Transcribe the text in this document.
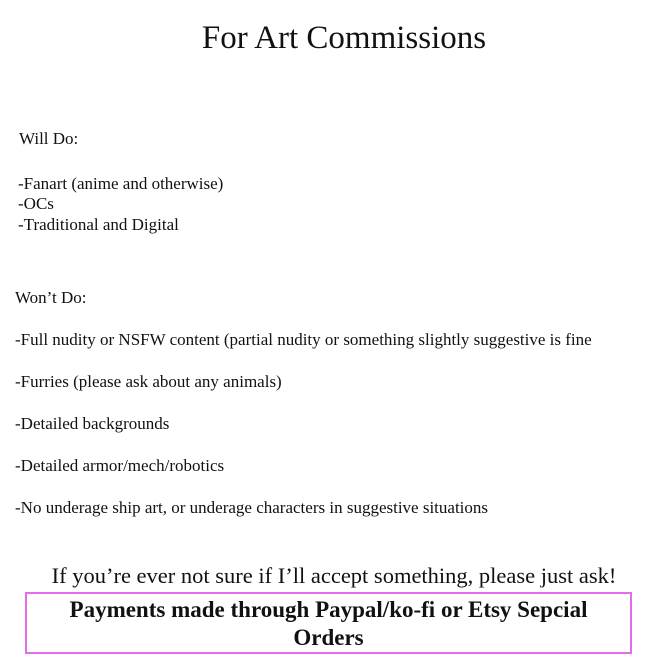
For Art Commissions
Will Do:
-Fanart (anime and otherwise)
-OCs
-Traditional and Digital
Won’t Do:
-Full nudity or NSFW content (partial nudity or something slightly suggestive is fine
-Furries (please ask about any animals)
-Detailed backgrounds
-Detailed armor/mech/robotics
-No underage ship art, or underage characters in suggestive situations
If you’re ever not sure if I’ll accept something, please just ask!
Payments made through Paypal/ko-fi or Etsy Sepcial
Orders
